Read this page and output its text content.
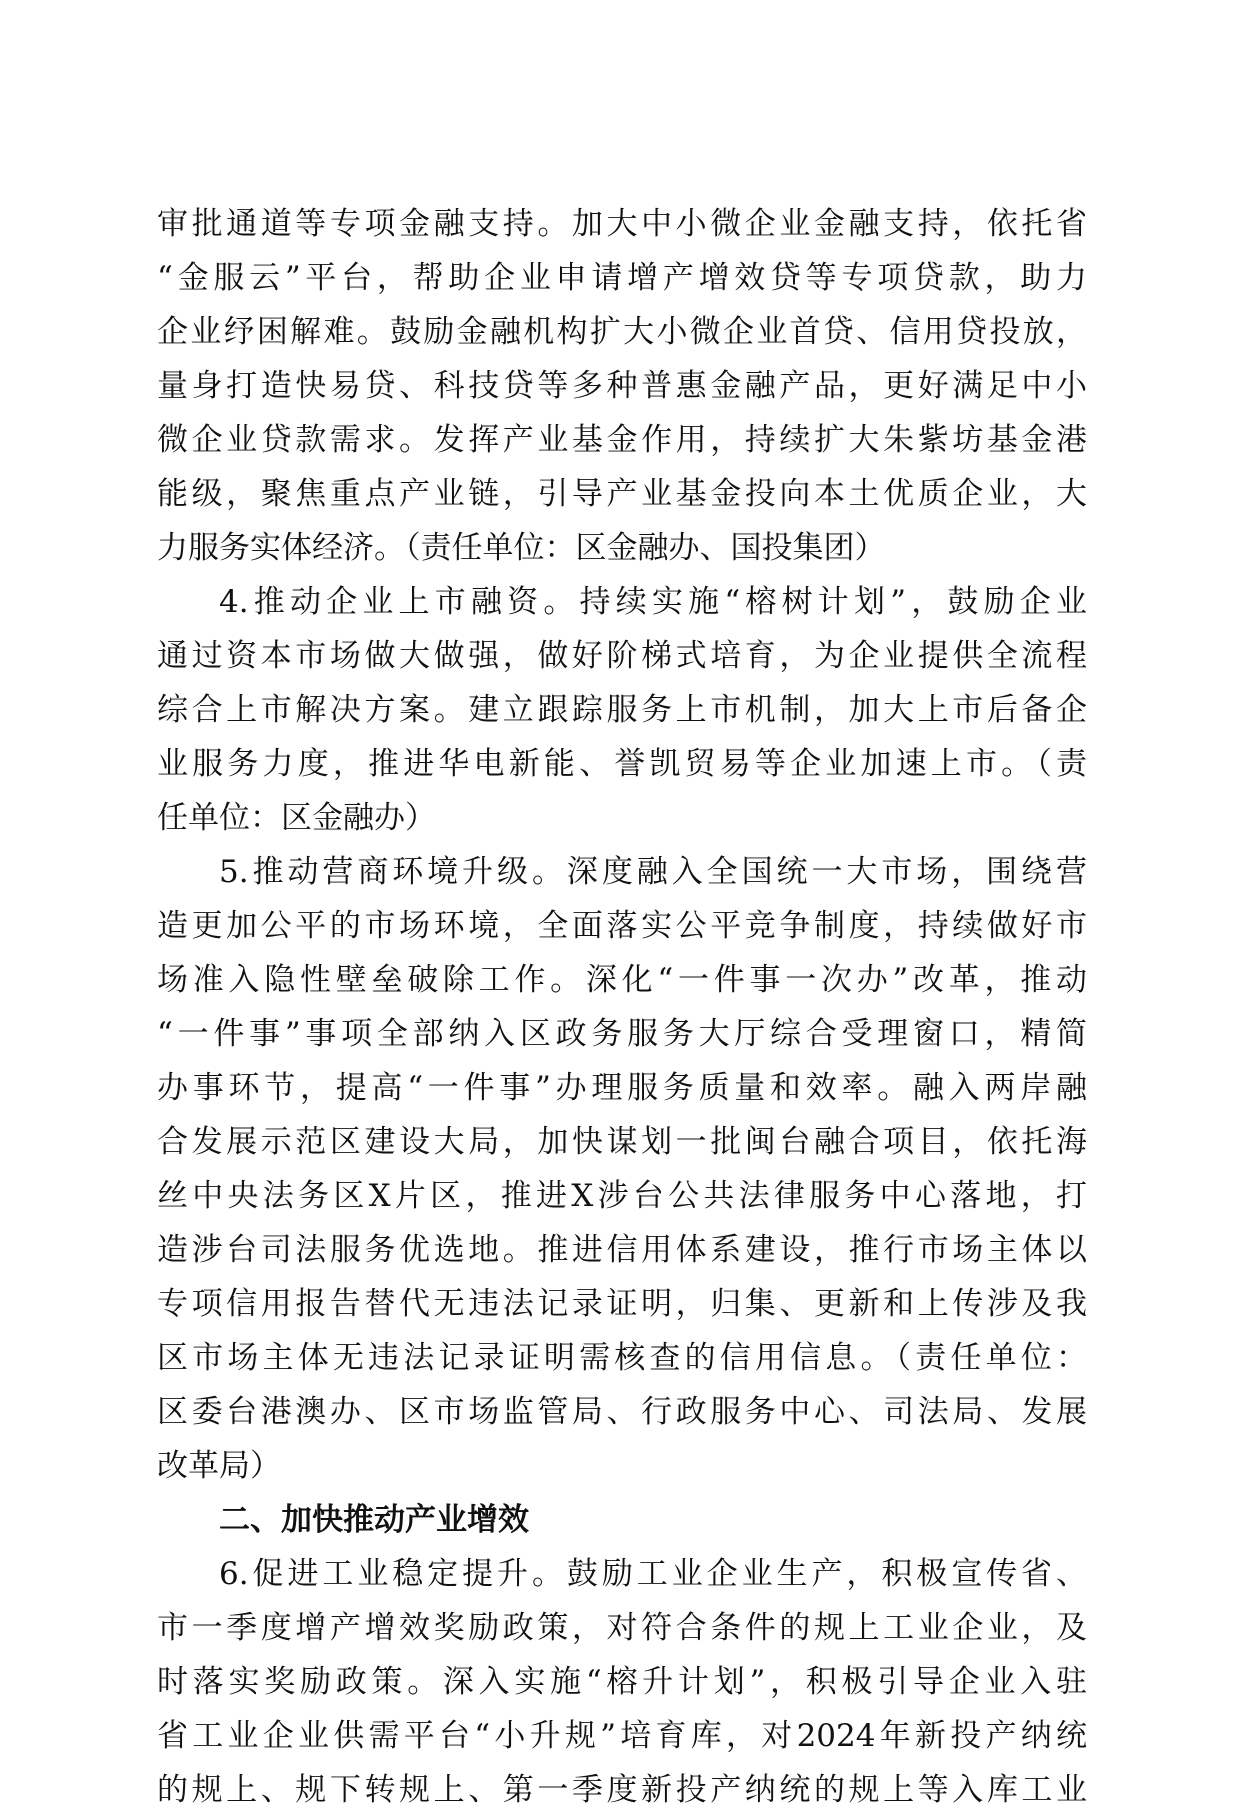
审批通道等专项金融支持。加大中小微企业金融支持，依托省
“金服云”平台，帮助企业申请增产增效贷等专项贷款，助力
企业纾困解难。鼓励金融机构扩大小微企业首贷、信用贷投放，
量身打造快易贷、科技贷等多种普惠金融产品，更好满足中小
微企业贷款需求。发挥产业基金作用，持续扩大朱紫坊基金港
能级，聚焦重点产业链，引导产业基金投向本土优质企业，大
力服务实体经济。（责任单位：区金融办、国投集团）
4.推动企业上市融资。持续实施“榕树计划”，鼓励企业
通过资本市场做大做强，做好阶梯式培育，为企业提供全流程
综合上市解决方案。建立跟踪服务上市机制，加大上市后备企
业服务力度，推进华电新能、誉凯贸易等企业加速上市。（责
任单位：区金融办）
5.推动营商环境升级。深度融入全国统一大市场，围绕营
造更加公平的市场环境，全面落实公平竞争制度，持续做好市
场准入隐性壁垒破除工作。深化“一件事一次办”改革，推动
“一件事”事项全部纳入区政务服务大厅综合受理窗口，精简
办事环节，提高“一件事”办理服务质量和效率。融入两岸融
合发展示范区建设大局，加快谋划一批闽台融合项目，依托海
丝中央法务区X片区，推进X涉台公共法律服务中心落地，打
造涉台司法服务优选地。推进信用体系建设，推行市场主体以
专项信用报告替代无违法记录证明，归集、更新和上传涉及我
区市场主体无违法记录证明需核查的信用信息。（责任单位：
区委台港澳办、区市场监管局、行政服务中心、司法局、发展
改革局）
二、加快推动产业增效
6.促进工业稳定提升。鼓励工业企业生产，积极宣传省、
市一季度增产增效奖励政策，对符合条件的规上工业企业，及
时落实奖励政策。深入实施“榕升计划”，积极引导企业入驻
省工业企业供需平台“小升规”培育库，对2024年新投产纳统
的规上、规下转规上、第一季度新投产纳统的规上等入库工业
